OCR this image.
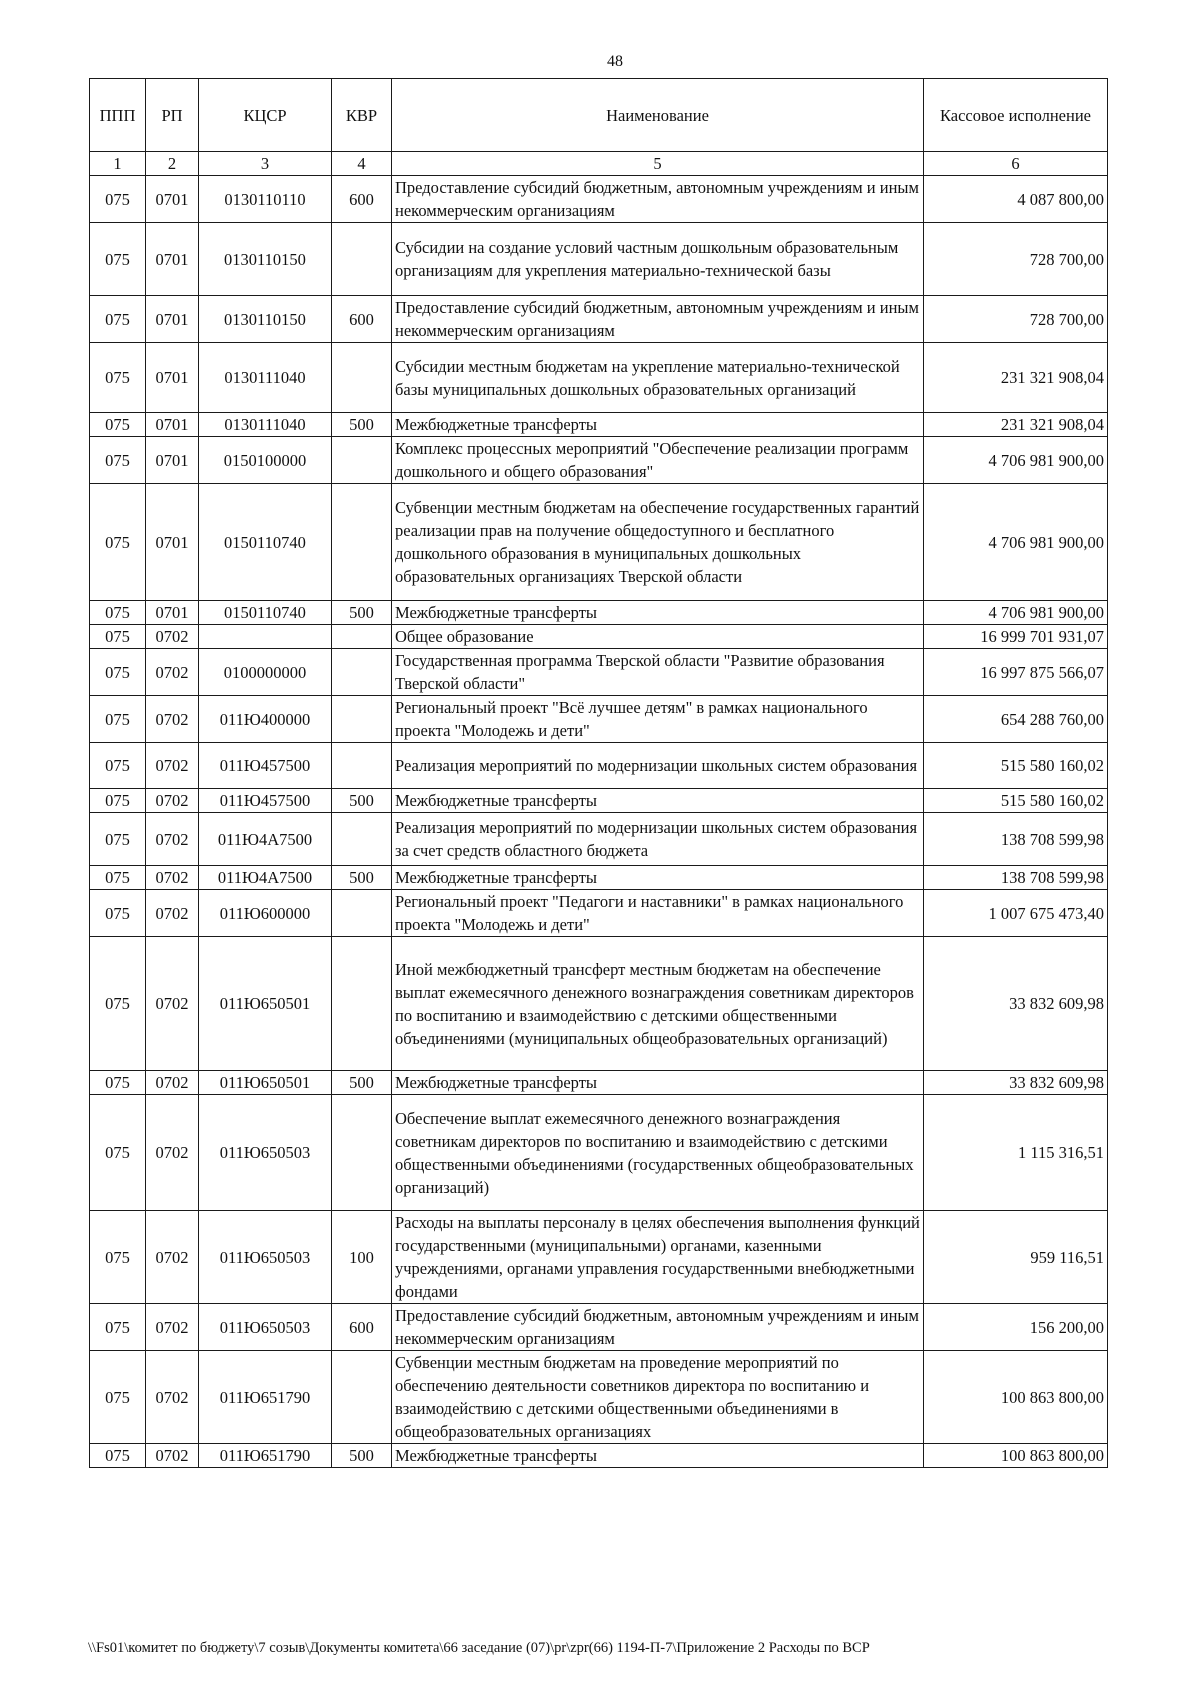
48
ППП	РП	КЦСР	КВР	Наименование	Кассовое исполнение
1	2	3	4	5	6
075	0701	0130110110	600	Предоставление субсидий бюджетным, автономным учреждениям и иным некоммерческим организациям	4 087 800,00
075	0701	0130110150		Субсидии на создание условий частным дошкольным образовательным организациям для укрепления материально-технической базы	728 700,00
075	0701	0130110150	600	Предоставление субсидий бюджетным, автономным учреждениям и иным некоммерческим организациям	728 700,00
075	0701	0130111040		Субсидии местным бюджетам на укрепление материально-технической базы муниципальных дошкольных образовательных организаций	231 321 908,04
075	0701	0130111040	500	Межбюджетные трансферты	231 321 908,04
075	0701	0150100000		Комплекс процессных мероприятий "Обеспечение реализации программ дошкольного и общего образования"	4 706 981 900,00
075	0701	0150110740		Субвенции местным бюджетам на обеспечение государственных гарантий реализации прав на получение общедоступного и бесплатного дошкольного образования в муниципальных дошкольных образовательных организациях Тверской области	4 706 981 900,00
075	0701	0150110740	500	Межбюджетные трансферты	4 706 981 900,00
075	0702			Общее образование	16 999 701 931,07
075	0702	0100000000		Государственная программа Тверской области "Развитие образования Тверской области"	16 997 875 566,07
075	0702	011Ю400000		Региональный проект "Всё лучшее детям" в рамках национального проекта "Молодежь и дети"	654 288 760,00
075	0702	011Ю457500		Реализация мероприятий по модернизации школьных систем образования	515 580 160,02
075	0702	011Ю457500	500	Межбюджетные трансферты	515 580 160,02
075	0702	011Ю4А7500		Реализация мероприятий по модернизации школьных систем образования за счет средств областного бюджета	138 708 599,98
075	0702	011Ю4А7500	500	Межбюджетные трансферты	138 708 599,98
075	0702	011Ю600000		Региональный проект "Педагоги и наставники" в рамках национального проекта "Молодежь и дети"	1 007 675 473,40
075	0702	011Ю650501		Иной межбюджетный трансферт местным бюджетам на обеспечение выплат ежемесячного денежного вознаграждения советникам директоров по воспитанию и взаимодействию с детскими общественными объединениями (муниципальных общеобразовательных организаций)	33 832 609,98
075	0702	011Ю650501	500	Межбюджетные трансферты	33 832 609,98
075	0702	011Ю650503		Обеспечение выплат ежемесячного денежного вознаграждения советникам директоров по воспитанию и взаимодействию с детскими общественными объединениями (государственных общеобразовательных организаций)	1 115 316,51
075	0702	011Ю650503	100	Расходы на выплаты персоналу в целях обеспечения выполнения функций государственными (муниципальными) органами, казенными учреждениями, органами управления государственными внебюджетными фондами	959 116,51
075	0702	011Ю650503	600	Предоставление субсидий бюджетным, автономным учреждениям и иным некоммерческим организациям	156 200,00
075	0702	011Ю651790		Субвенции местным бюджетам на проведение мероприятий по обеспечению деятельности советников директора по воспитанию и взаимодействию с детскими общественными объединениями в общеобразовательных организациях	100 863 800,00
075	0702	011Ю651790	500	Межбюджетные трансферты	100 863 800,00
\\Fs01\комитет по бюджету\7 созыв\Документы комитета\66 заседание (07)\pr\zpr(66) 1194-П-7\Приложение 2 Расходы по ВСР
